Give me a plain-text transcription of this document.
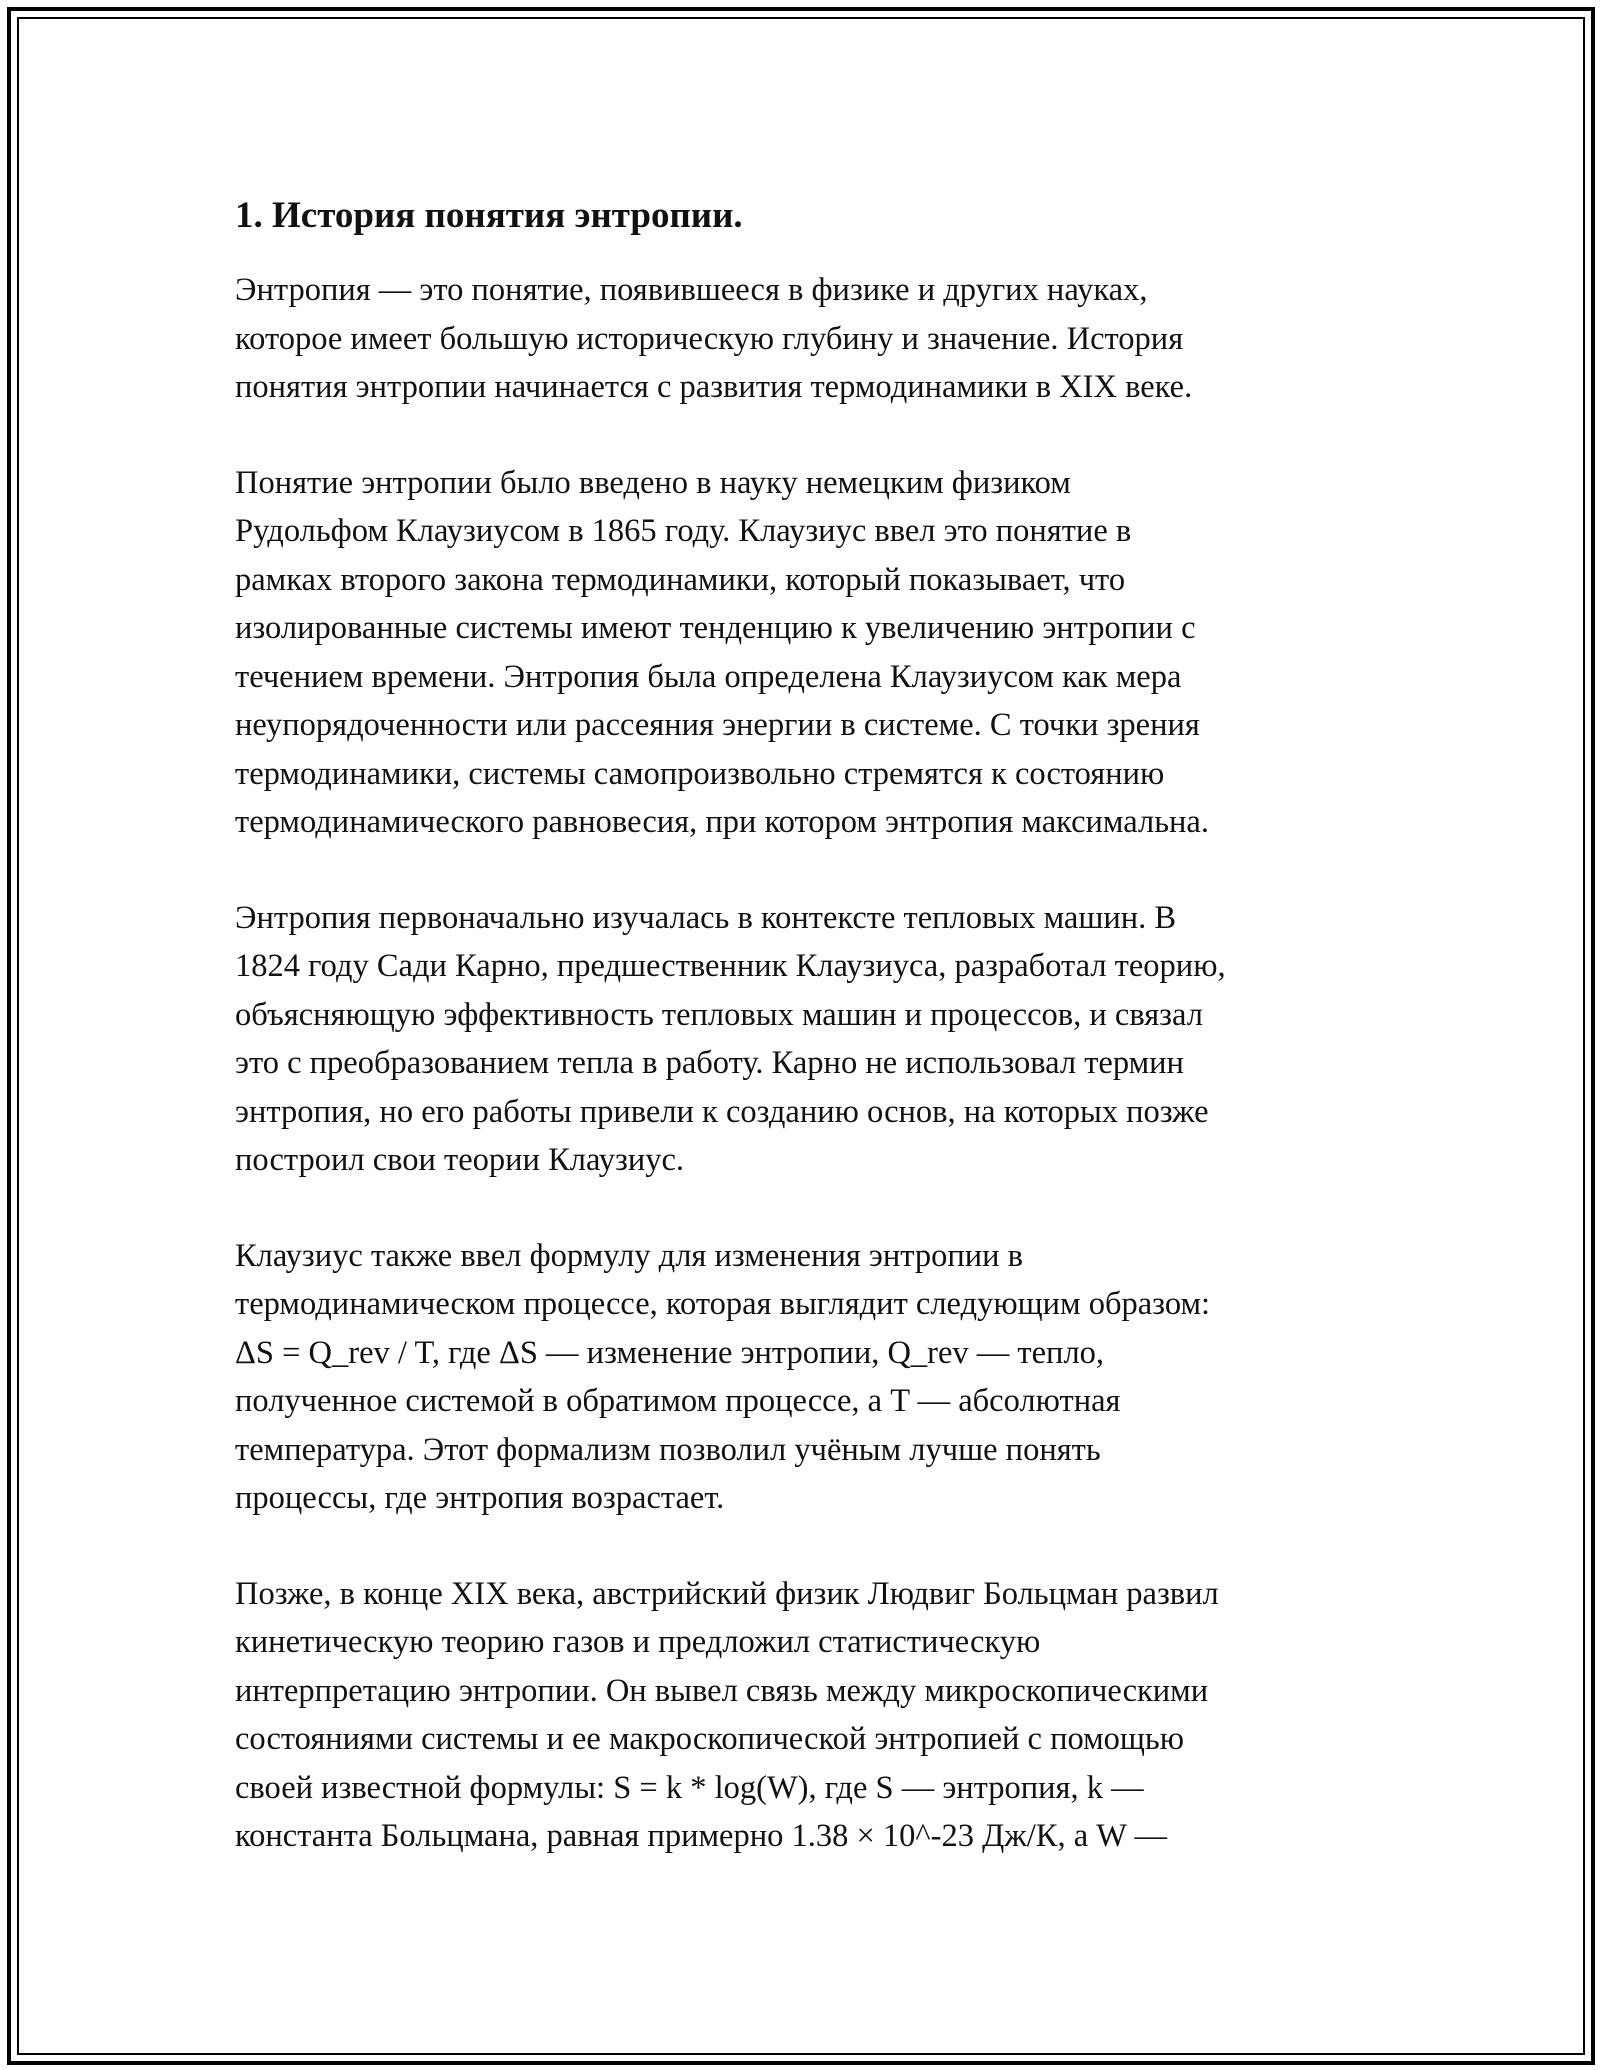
1. История понятия энтропии.
Энтропия — это понятие, появившееся в физике и других науках,
которое имеет большую историческую глубину и значение. История
понятия энтропии начинается с развития термодинамики в XIX веке.
Понятие энтропии было введено в науку немецким физиком
Рудольфом Клаузиусом в 1865 году. Клаузиус ввел это понятие в
рамках второго закона термодинамики, который показывает, что
изолированные системы имеют тенденцию к увеличению энтропии с
течением времени. Энтропия была определена Клаузиусом как мера
неупорядоченности или рассеяния энергии в системе. С точки зрения
термодинамики, системы самопроизвольно стремятся к состоянию
термодинамического равновесия, при котором энтропия максимальна.
Энтропия первоначально изучалась в контексте тепловых машин. В
1824 году Сади Карно, предшественник Клаузиуса, разработал теорию,
объясняющую эффективность тепловых машин и процессов, и связал
это с преобразованием тепла в работу. Карно не использовал термин
энтропия, но его работы привели к созданию основ, на которых позже
построил свои теории Клаузиус.
Клаузиус также ввел формулу для изменения энтропии в
термодинамическом процессе, которая выглядит следующим образом:
ΔS = Q_rev / T, где ΔS — изменение энтропии, Q_rev — тепло,
полученное системой в обратимом процессе, а T — абсолютная
температура. Этот формализм позволил учёным лучше понять
процессы, где энтропия возрастает.
Позже, в конце XIX века, австрийский физик Людвиг Больцман развил
кинетическую теорию газов и предложил статистическую
интерпретацию энтропии. Он вывел связь между микроскопическими
состояниями системы и ее макроскопической энтропией с помощью
своей известной формулы: S = k * log(W), где S — энтропия, k —
константа Больцмана, равная примерно 1.38 × 10^-23 Дж/К, а W —
